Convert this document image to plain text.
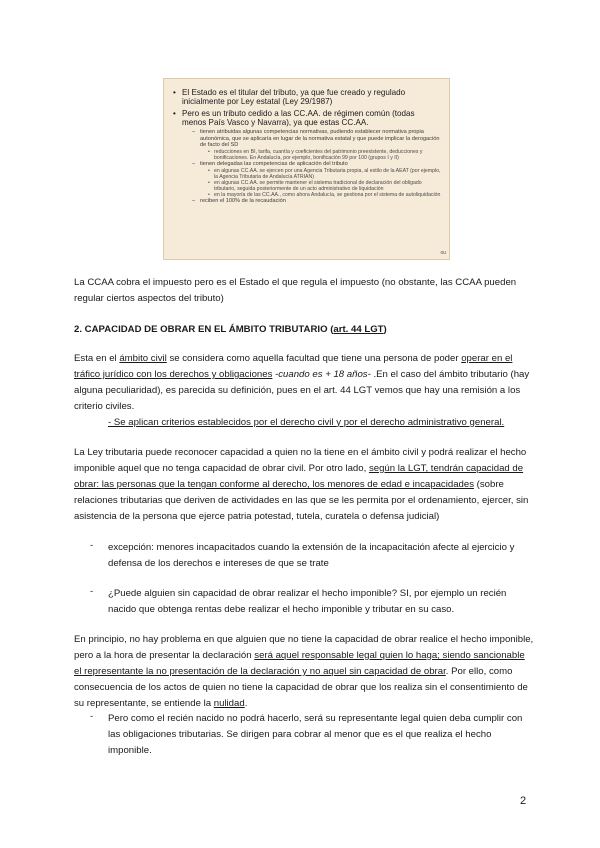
• El Estado es el titular del tributo, ya que fue creado y regulado inicialmente por Ley estatal (Ley 29/1987)
• Pero es un tributo cedido a las CC.AA. de régimen común (todas menos País Vasco y Navarra), ya que estas CC.AA.
– tienen atribuidas algunas competencias normativas, pudiendo establecer normativa propia autonómica, que se aplicaría en lugar de la normativa estatal y que puede implicar la derogación de facto del SD
• reducciones en BI, tarifa, cuantía y coeficientes del patrimonio preexistente, deducciones y bonificaciones. En Andalucía, por ejemplo, bonificación 99 por 100 (grupos I y II)
– tienen delegadas las competencias de aplicación del tributo
• en algunas CC.AA. se ejercen por una Agencia Tributaria propia, al estilo de la AEAT (por ejemplo, la Agencia Tributaria de Andalucía ATRIAN)
• en algunas CC.AA. se permite mantener el sistema tradicional de declaración del obligado tributario, seguida posteriormente de un acto administrativo de liquidación
• en la mayoría de las CC.AA., como ahora Andalucía, se gestiona por el sistema de autoliquidación
– reciben el 100% de la recaudación
ou
La CCAA cobra el impuesto pero es el Estado el que regula el impuesto (no obstante, las CCAA pueden regular ciertos aspectos del tributo)
2. CAPACIDAD DE OBRAR EN EL ÁMBITO TRIBUTARIO (art. 44 LGT)
Esta en el ámbito civil se considera como aquella facultad que tiene una persona de poder operar en el tráfico jurídico con los derechos y obligaciones -cuando es + 18 años- .En el caso del ámbito tributario (hay alguna peculiaridad), es parecida su definición, pues en el art. 44 LGT vemos que hay una remisión a los criterio civiles.
- Se aplican criterios establecidos por el derecho civil y por el derecho administrativo general.
La Ley tributaria puede reconocer capacidad a quien no la tiene en el ámbito civil y podrá realizar el hecho imponible aquel que no tenga capacidad de obrar civil. Por otro lado, según la LGT, tendrán capacidad de obrar: las personas que la tengan conforme al derecho, los menores de edad e incapacidades (sobre relaciones tributarias que deriven de actividades en las que se les permita por el ordenamiento, ejercer, sin asistencia de la persona que ejerce patria potestad, tutela, curatela o defensa judicial)
- excepción: menores incapacitados cuando la extensión de la incapacitación afecte al ejercicio y defensa de los derechos e intereses de que se trate
- ¿Puede alguien sin capacidad de obrar realizar el hecho imponible? SI, por ejemplo un recién nacido que obtenga rentas debe realizar el hecho imponible y tributar en su caso.
En principio, no hay problema en que alguien que no tiene la capacidad de obrar realice el hecho imponible, pero a la hora de presentar la declaración será aquel responsable legal quien lo haga; siendo sancionable el representante la no presentación de la declaración y no aquel sin capacidad de obrar. Por ello, como consecuencia de los actos de quien no tiene la capacidad de obrar que los realiza sin el consentimiento de su representante, se entiende la nulidad.
- Pero como el recién nacido no podrá hacerlo, será su representante legal quien deba cumplir con las obligaciones tributarias. Se dirigen para cobrar al menor que es el que realiza el hecho imponible.
2
